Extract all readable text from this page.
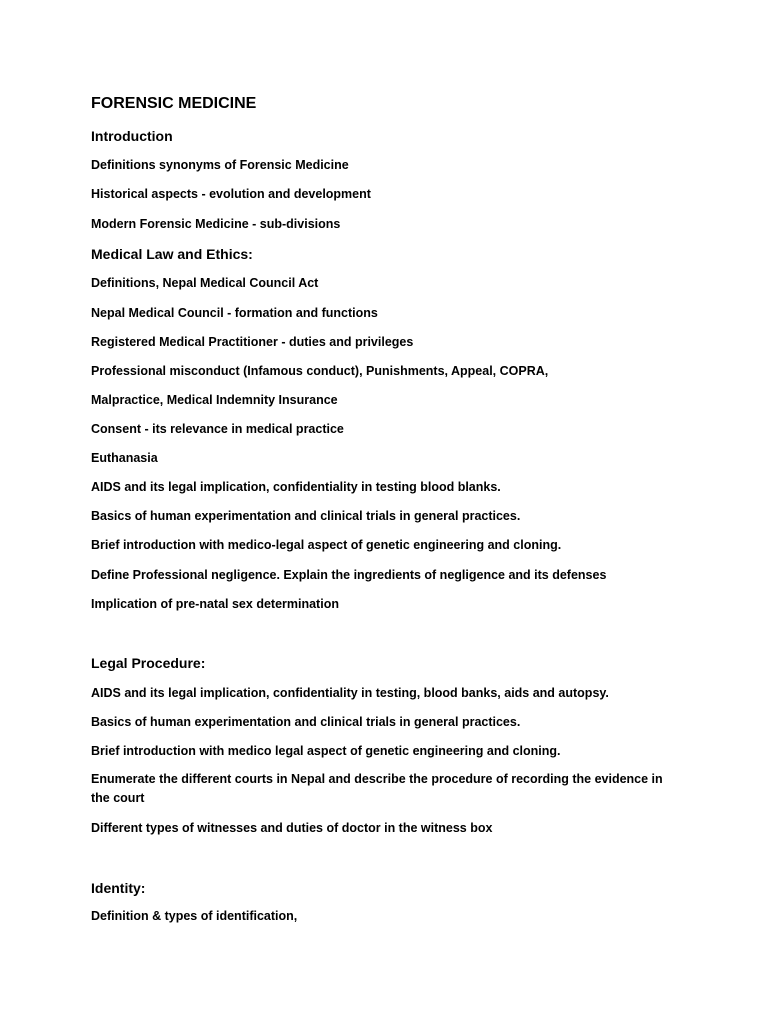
FORENSIC MEDICINE

Introduction

Definitions synonyms of Forensic Medicine

Historical aspects - evolution and development

Modern Forensic Medicine - sub-divisions

Medical Law and Ethics:

Definitions, Nepal Medical Council Act

Nepal Medical Council - formation and functions

Registered Medical Practitioner - duties and privileges

Professional misconduct (Infamous conduct), Punishments, Appeal, COPRA,

Malpractice, Medical Indemnity Insurance

Consent - its relevance in medical practice

Euthanasia

AIDS and its legal implication, confidentiality in testing blood blanks.

Basics of human experimentation and clinical trials in general practices.

Brief introduction with medico-legal aspect of genetic engineering and cloning.

Define Professional negligence. Explain the ingredients of negligence and its defenses

Implication of pre-natal sex determination

Legal Procedure:

AIDS and its legal implication, confidentiality in testing, blood banks, aids and autopsy.

Basics of human experimentation and clinical trials in general practices.

Brief introduction with medico legal aspect of genetic engineering and cloning.

Enumerate the different courts in Nepal and describe the procedure of recording the evidence in the court

Different types of witnesses and duties of doctor in the witness box

Identity:

Definition & types of identification,
